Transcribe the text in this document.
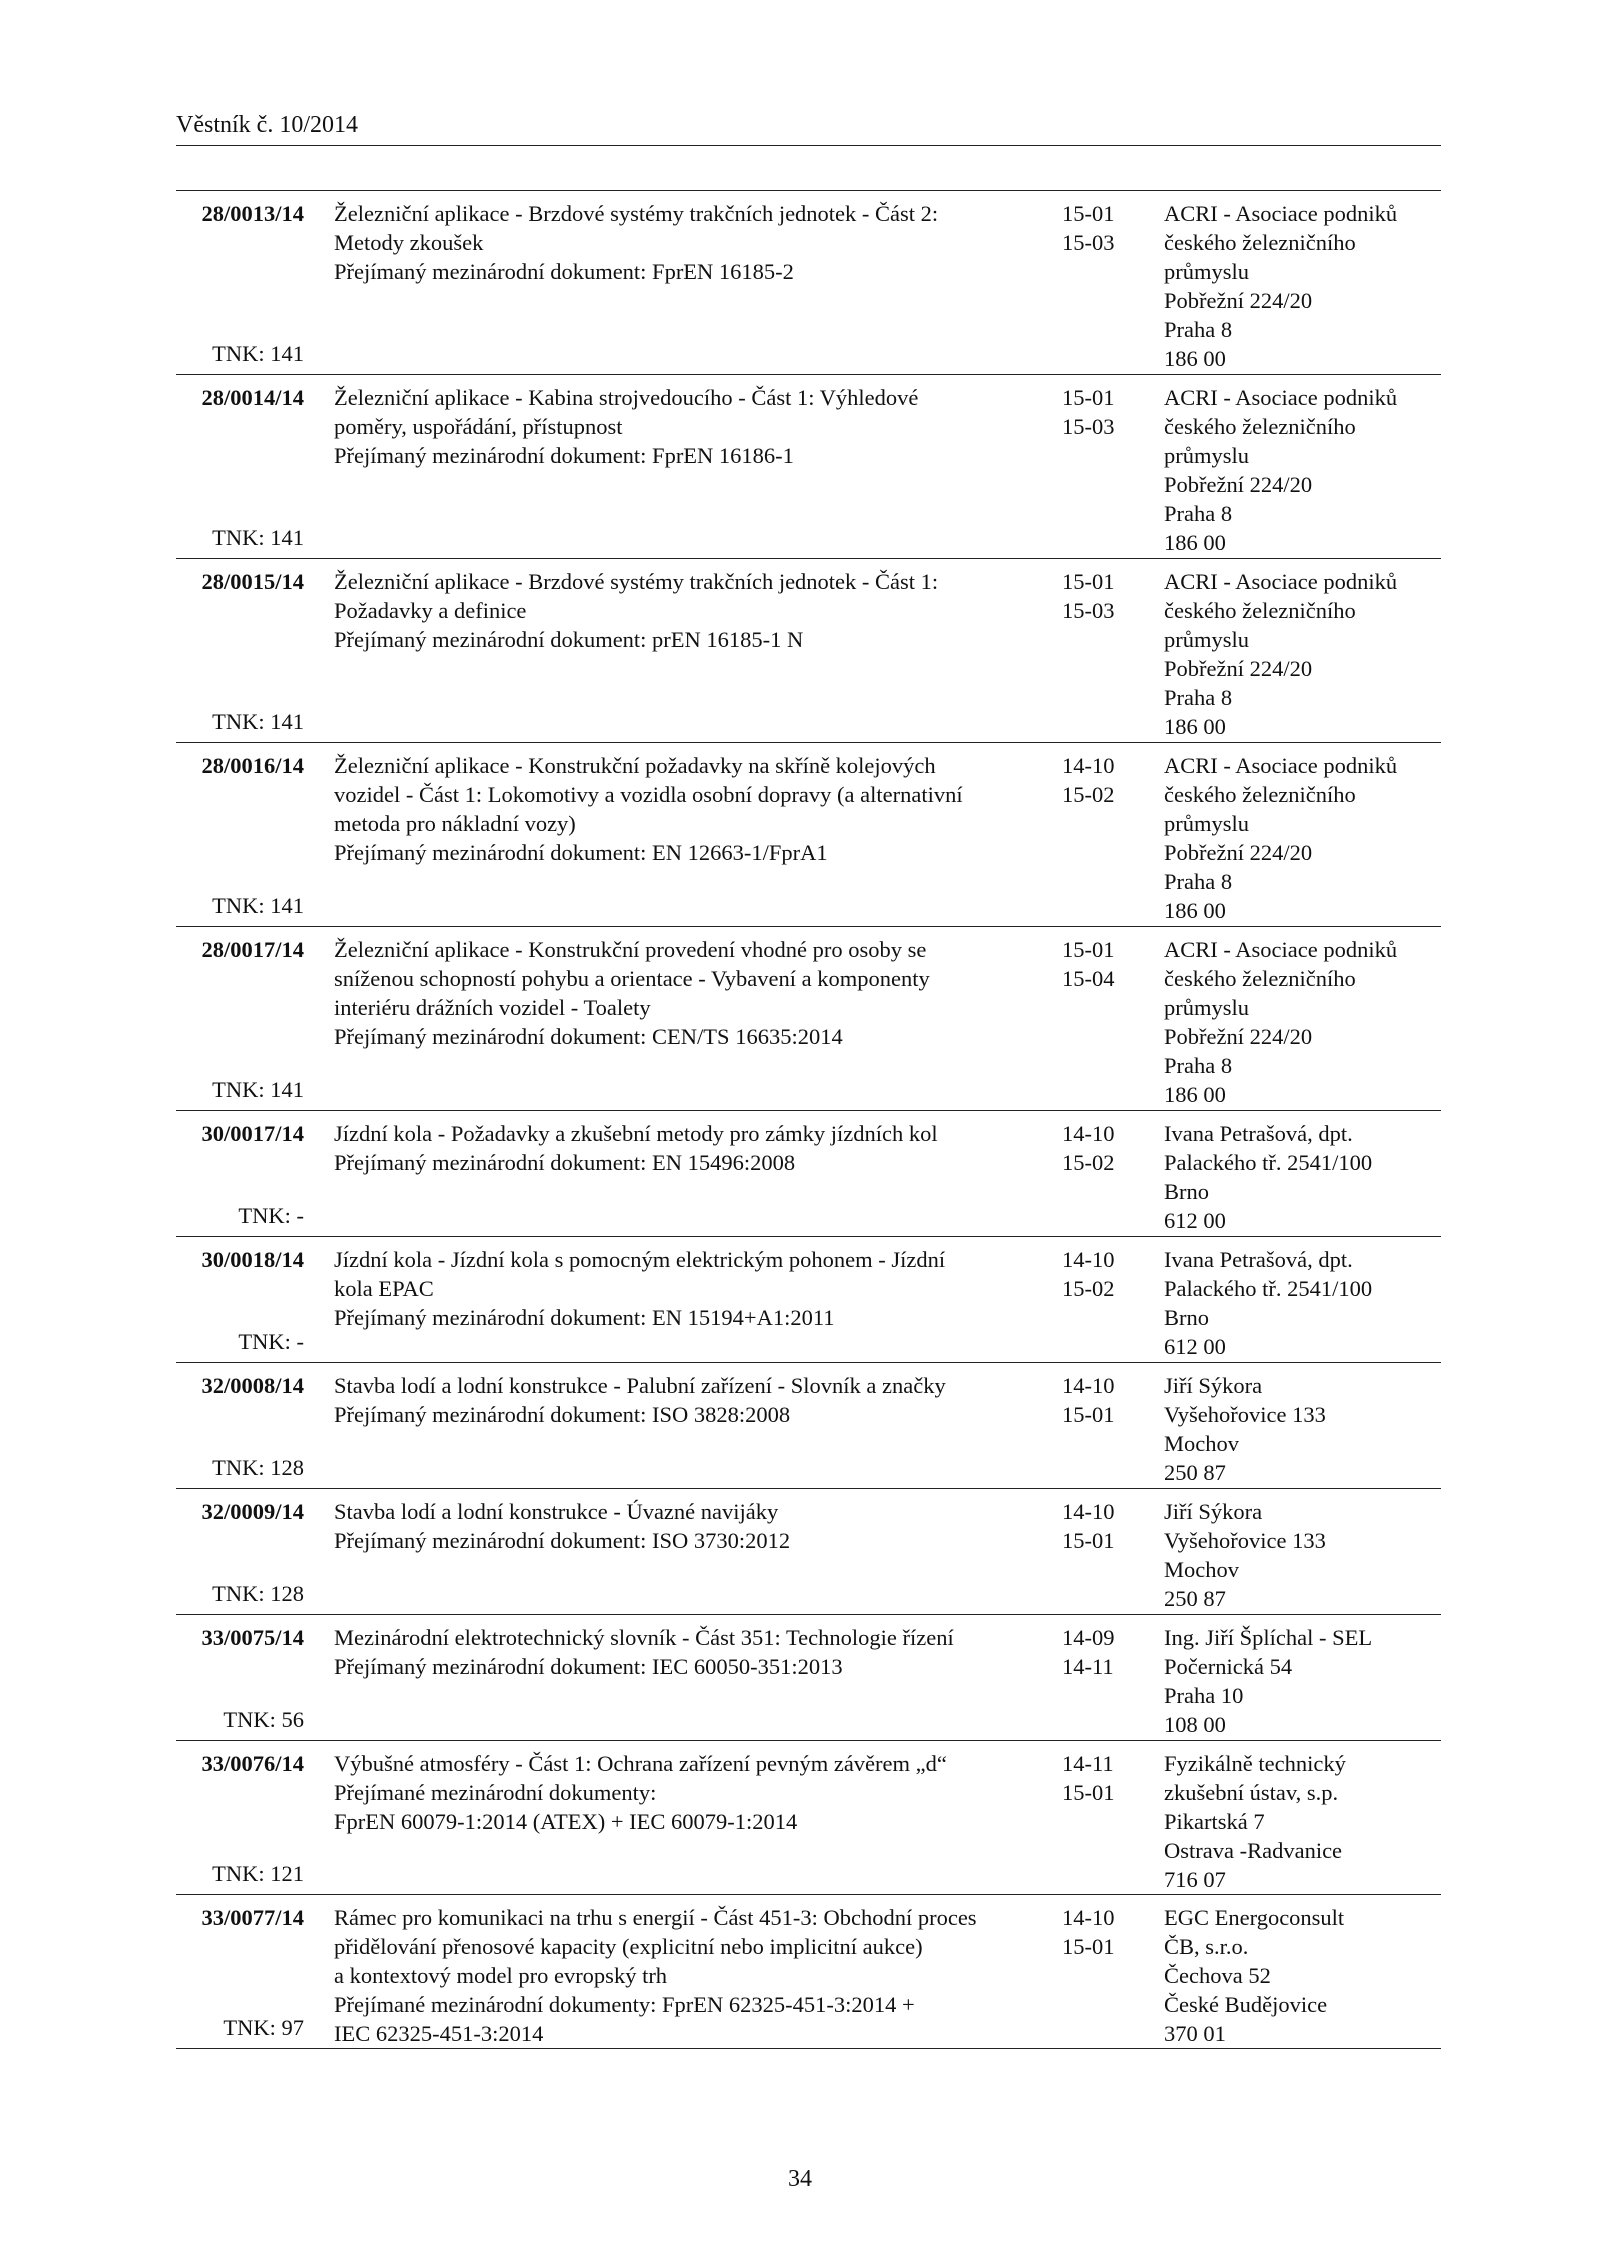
Věstník č. 10/2014
28/0013/14
TNK: 141
Železniční aplikace - Brzdové systémy trakčních jednotek - Část 2:
Metody zkoušek
Přejímaný mezinárodní dokument: FprEN 16185-2
15-01
15-03
ACRI - Asociace podniků
českého železničního
průmyslu
Pobřežní 224/20
Praha 8
186 00
28/0014/14
TNK: 141
Železniční aplikace - Kabina strojvedoucího - Část 1: Výhledové
poměry, uspořádání, přístupnost
Přejímaný mezinárodní dokument: FprEN 16186-1
15-01
15-03
ACRI - Asociace podniků
českého železničního
průmyslu
Pobřežní 224/20
Praha 8
186 00
28/0015/14
TNK: 141
Železniční aplikace - Brzdové systémy trakčních jednotek - Část 1:
Požadavky a definice
Přejímaný mezinárodní dokument: prEN 16185-1 N
15-01
15-03
ACRI - Asociace podniků
českého železničního
průmyslu
Pobřežní 224/20
Praha 8
186 00
28/0016/14
TNK: 141
Železniční aplikace - Konstrukční požadavky na skříně kolejových
vozidel - Část 1: Lokomotivy a vozidla osobní dopravy (a alternativní
metoda pro nákladní vozy)
Přejímaný mezinárodní dokument: EN 12663-1/FprA1
14-10
15-02
ACRI - Asociace podniků
českého železničního
průmyslu
Pobřežní 224/20
Praha 8
186 00
28/0017/14
TNK: 141
Železniční aplikace - Konstrukční provedení vhodné pro osoby se
sníženou schopností pohybu a orientace - Vybavení a komponenty
interiéru drážních vozidel - Toalety
Přejímaný mezinárodní dokument: CEN/TS 16635:2014
15-01
15-04
ACRI - Asociace podniků
českého železničního
průmyslu
Pobřežní 224/20
Praha 8
186 00
30/0017/14
TNK: -
Jízdní kola - Požadavky a zkušební metody pro zámky jízdních kol
Přejímaný mezinárodní dokument: EN 15496:2008
14-10
15-02
Ivana Petrašová, dpt.
Palackého tř. 2541/100
Brno
612 00
30/0018/14
TNK: -
Jízdní kola - Jízdní kola s pomocným elektrickým pohonem - Jízdní
kola EPAC
Přejímaný mezinárodní dokument: EN 15194+A1:2011
14-10
15-02
Ivana Petrašová, dpt.
Palackého tř. 2541/100
Brno
612 00
32/0008/14
TNK: 128
Stavba lodí a lodní konstrukce - Palubní zařízení - Slovník a značky
Přejímaný mezinárodní dokument: ISO 3828:2008
14-10
15-01
Jiří Sýkora
Vyšehořovice 133
Mochov
250 87
32/0009/14
TNK: 128
Stavba lodí a lodní konstrukce - Úvazné navijáky
Přejímaný mezinárodní dokument: ISO 3730:2012
14-10
15-01
Jiří Sýkora
Vyšehořovice 133
Mochov
250 87
33/0075/14
TNK: 56
Mezinárodní elektrotechnický slovník - Část 351: Technologie řízení
Přejímaný mezinárodní dokument: IEC 60050-351:2013
14-09
14-11
Ing. Jiří Šplíchal - SEL
Počernická 54
Praha 10
108 00
33/0076/14
TNK: 121
Výbušné atmosféry - Část 1: Ochrana zařízení pevným závěrem „d“
Přejímané mezinárodní dokumenty:
FprEN 60079-1:2014 (ATEX) + IEC 60079-1:2014
14-11
15-01
Fyzikálně technický
zkušební ústav, s.p.
Pikartská 7
Ostrava -Radvanice
716 07
33/0077/14
TNK: 97
Rámec pro komunikaci na trhu s energií - Část 451-3: Obchodní proces
přidělování přenosové kapacity (explicitní nebo implicitní aukce)
a kontextový model pro evropský trh
Přejímané mezinárodní dokumenty: FprEN 62325-451-3:2014 +
IEC 62325-451-3:2014
14-10
15-01
EGC Energoconsult
ČB, s.r.o.
Čechova 52
České Budějovice
370 01
34
